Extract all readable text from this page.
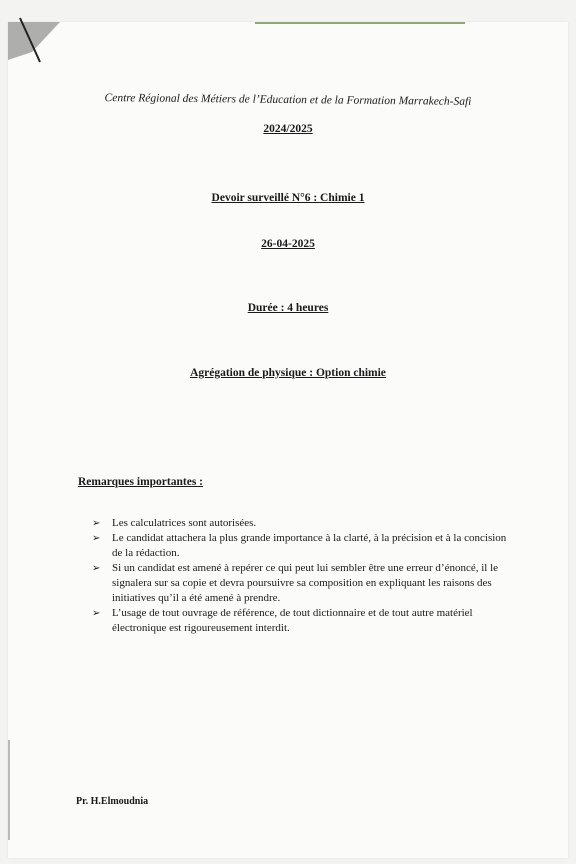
Centre Régional des Métiers de l’Education et de la Formation Marrakech-Safi
2024/2025
Devoir surveillé N°6 : Chimie 1
26-04-2025
Durée : 4 heures
Agrégation de physique : Option chimie
Remarques importantes :
➢ Les calculatrices sont autorisées.
➢ Le candidat attachera la plus grande importance à la clarté, à la précision et à la concision de la rédaction.
➢ Si un candidat est amené à repérer ce qui peut lui sembler être une erreur d’énoncé, il le signalera sur sa copie et devra poursuivre sa composition en expliquant les raisons des initiatives qu’il a été amené à prendre.
➢ L’usage de tout ouvrage de référence, de tout dictionnaire et de tout autre matériel électronique est rigoureusement interdit.
Pr. H.Elmoudnia
